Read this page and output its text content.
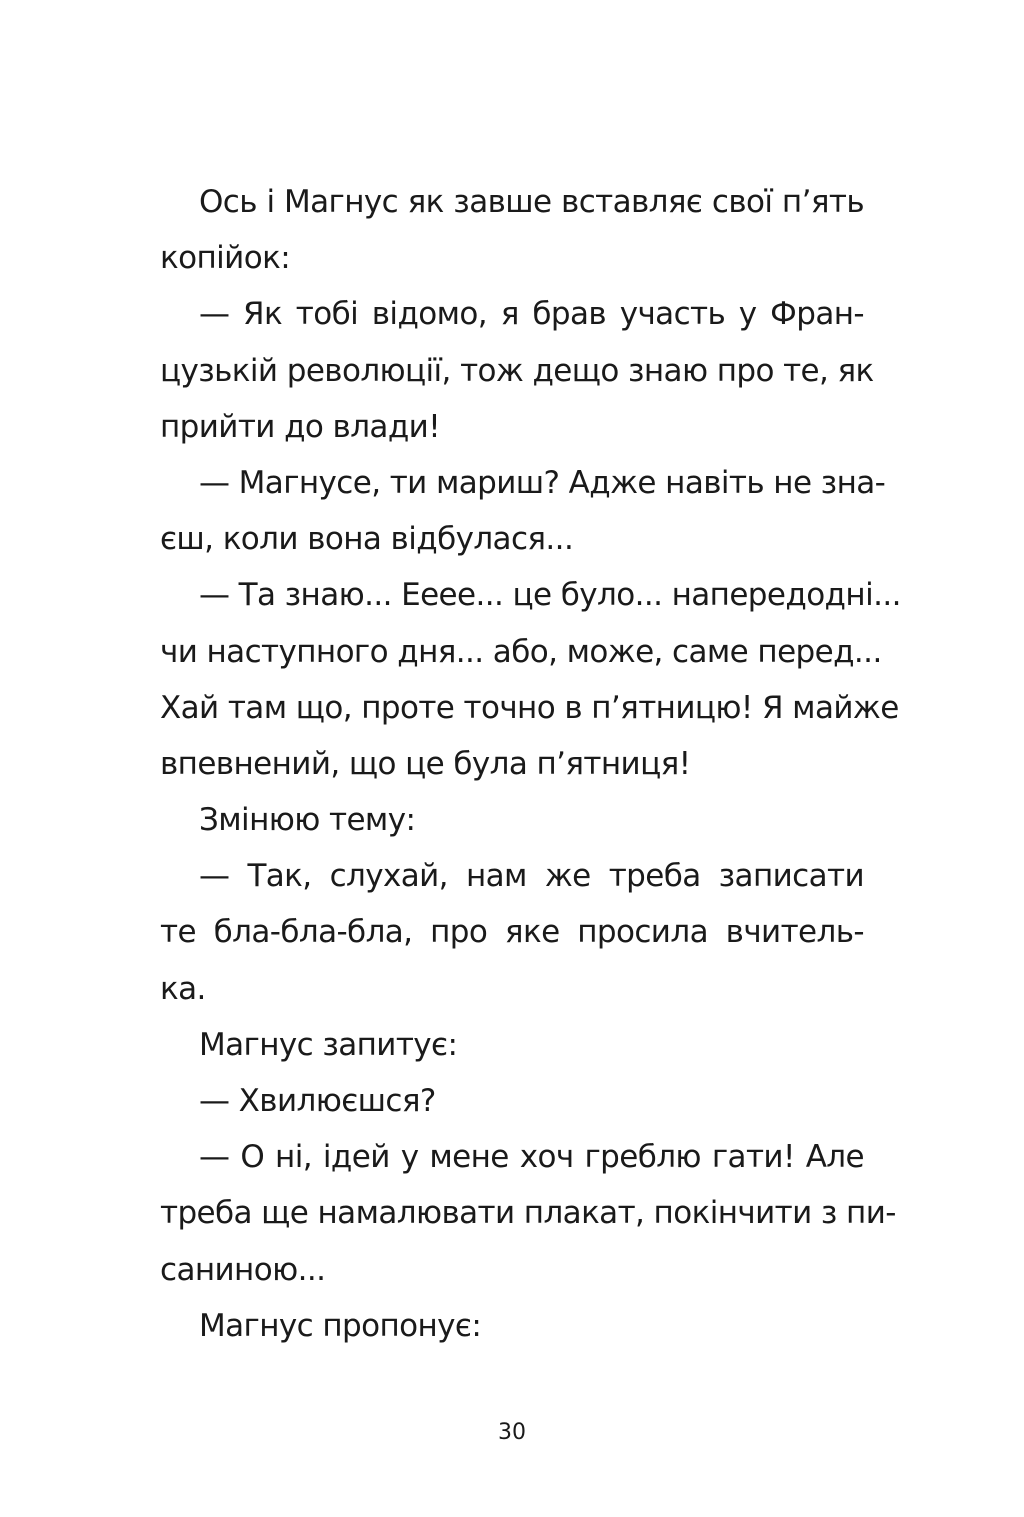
Ось і Магнус як завше вставляє свої п’ять
копійок:
— Як тобі відомо, я брав участь у Фран-
цузькій революції, тож дещо знаю про те, як
прийти до влади!
— Магнусе, ти мариш? Адже навіть не зна-
єш, коли вона відбулася...
— Та знаю... Ееее... це було... напередодні...
чи наступного дня... або, може, саме перед...
Хай там що, проте точно в п’ятницю! Я майже
впевнений, що це була п’ятниця!
Змінюю тему:
— Так, слухай, нам же треба записати
те бла-бла-бла, про яке просила вчитель-
ка.
Магнус запитує:
— Хвилюєшся?
— О ні, ідей у мене хоч греблю гати! Але
треба ще намалювати плакат, покінчити з пи-
саниною...
Магнус пропонує:
30
